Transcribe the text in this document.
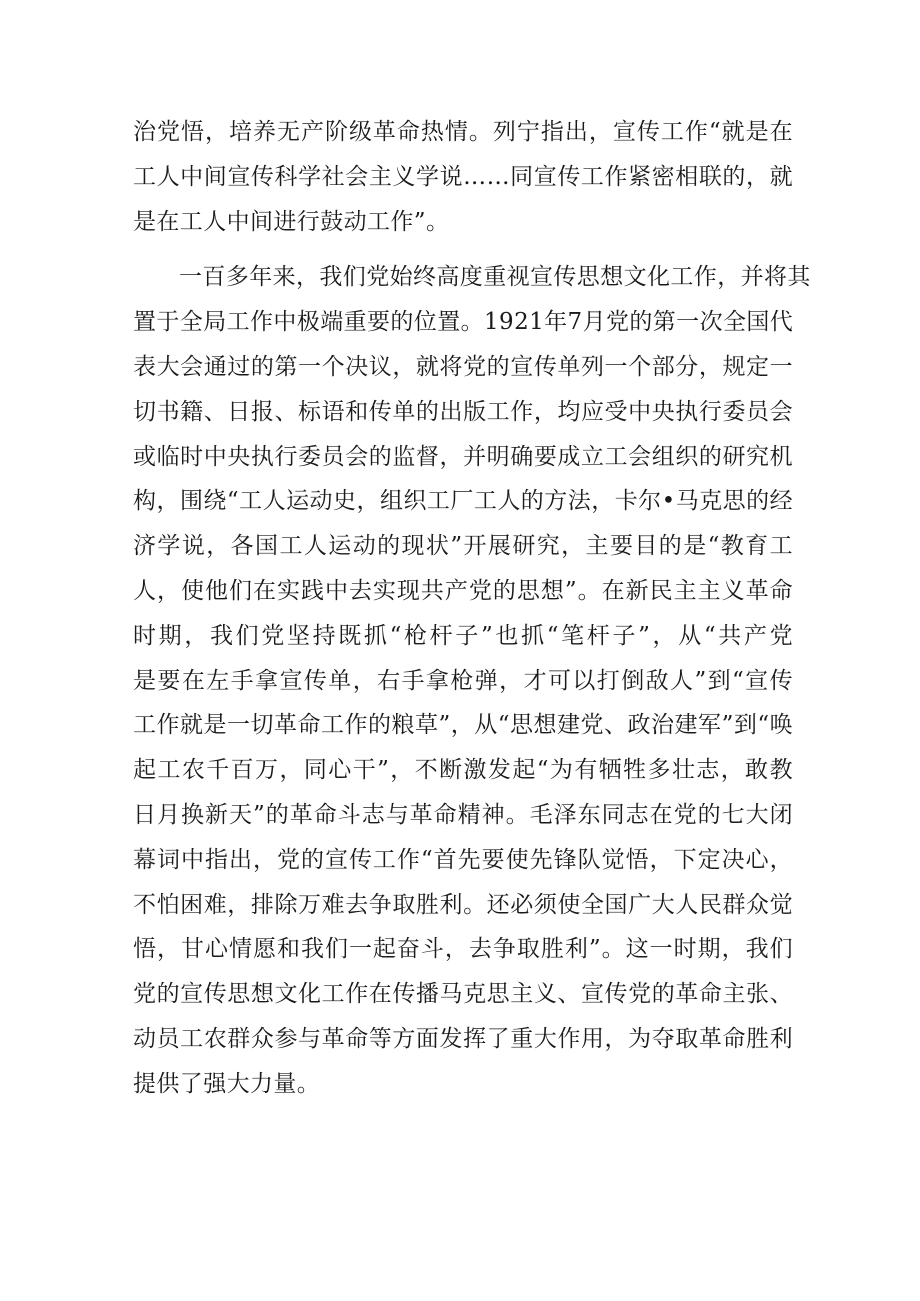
治党悟，培养无产阶级革命热情。列宁指出，宣传工作“就是在
工人中间宣传科学社会主义学说……同宣传工作紧密相联的，就
是在工人中间进行鼓动工作”。
一百多年来，我们党始终高度重视宣传思想文化工作，并将其
置于全局工作中极端重要的位置。1921年7月党的第一次全国代
表大会通过的第一个决议，就将党的宣传单列一个部分，规定一
切书籍、日报、标语和传单的出版工作，均应受中央执行委员会
或临时中央执行委员会的监督，并明确要成立工会组织的研究机
构，围绕“工人运动史，组织工厂工人的方法，卡尔•马克思的经
济学说，各国工人运动的现状”开展研究，主要目的是“教育工
人，使他们在实践中去实现共产党的思想”。在新民主主义革命
时期，我们党坚持既抓“枪杆子”也抓“笔杆子”，从“共产党
是要在左手拿宣传单，右手拿枪弹，才可以打倒敌人”到“宣传
工作就是一切革命工作的粮草”，从“思想建党、政治建军”到“唤
起工农千百万，同心干”，不断激发起“为有牺牲多壮志，敢教
日月换新天”的革命斗志与革命精神。毛泽东同志在党的七大闭
幕词中指出，党的宣传工作“首先要使先锋队觉悟，下定决心，
不怕困难，排除万难去争取胜利。还必须使全国广大人民群众觉
悟，甘心情愿和我们一起奋斗，去争取胜利”。这一时期，我们
党的宣传思想文化工作在传播马克思主义、宣传党的革命主张、
动员工农群众参与革命等方面发挥了重大作用，为夺取革命胜利
提供了强大力量。
